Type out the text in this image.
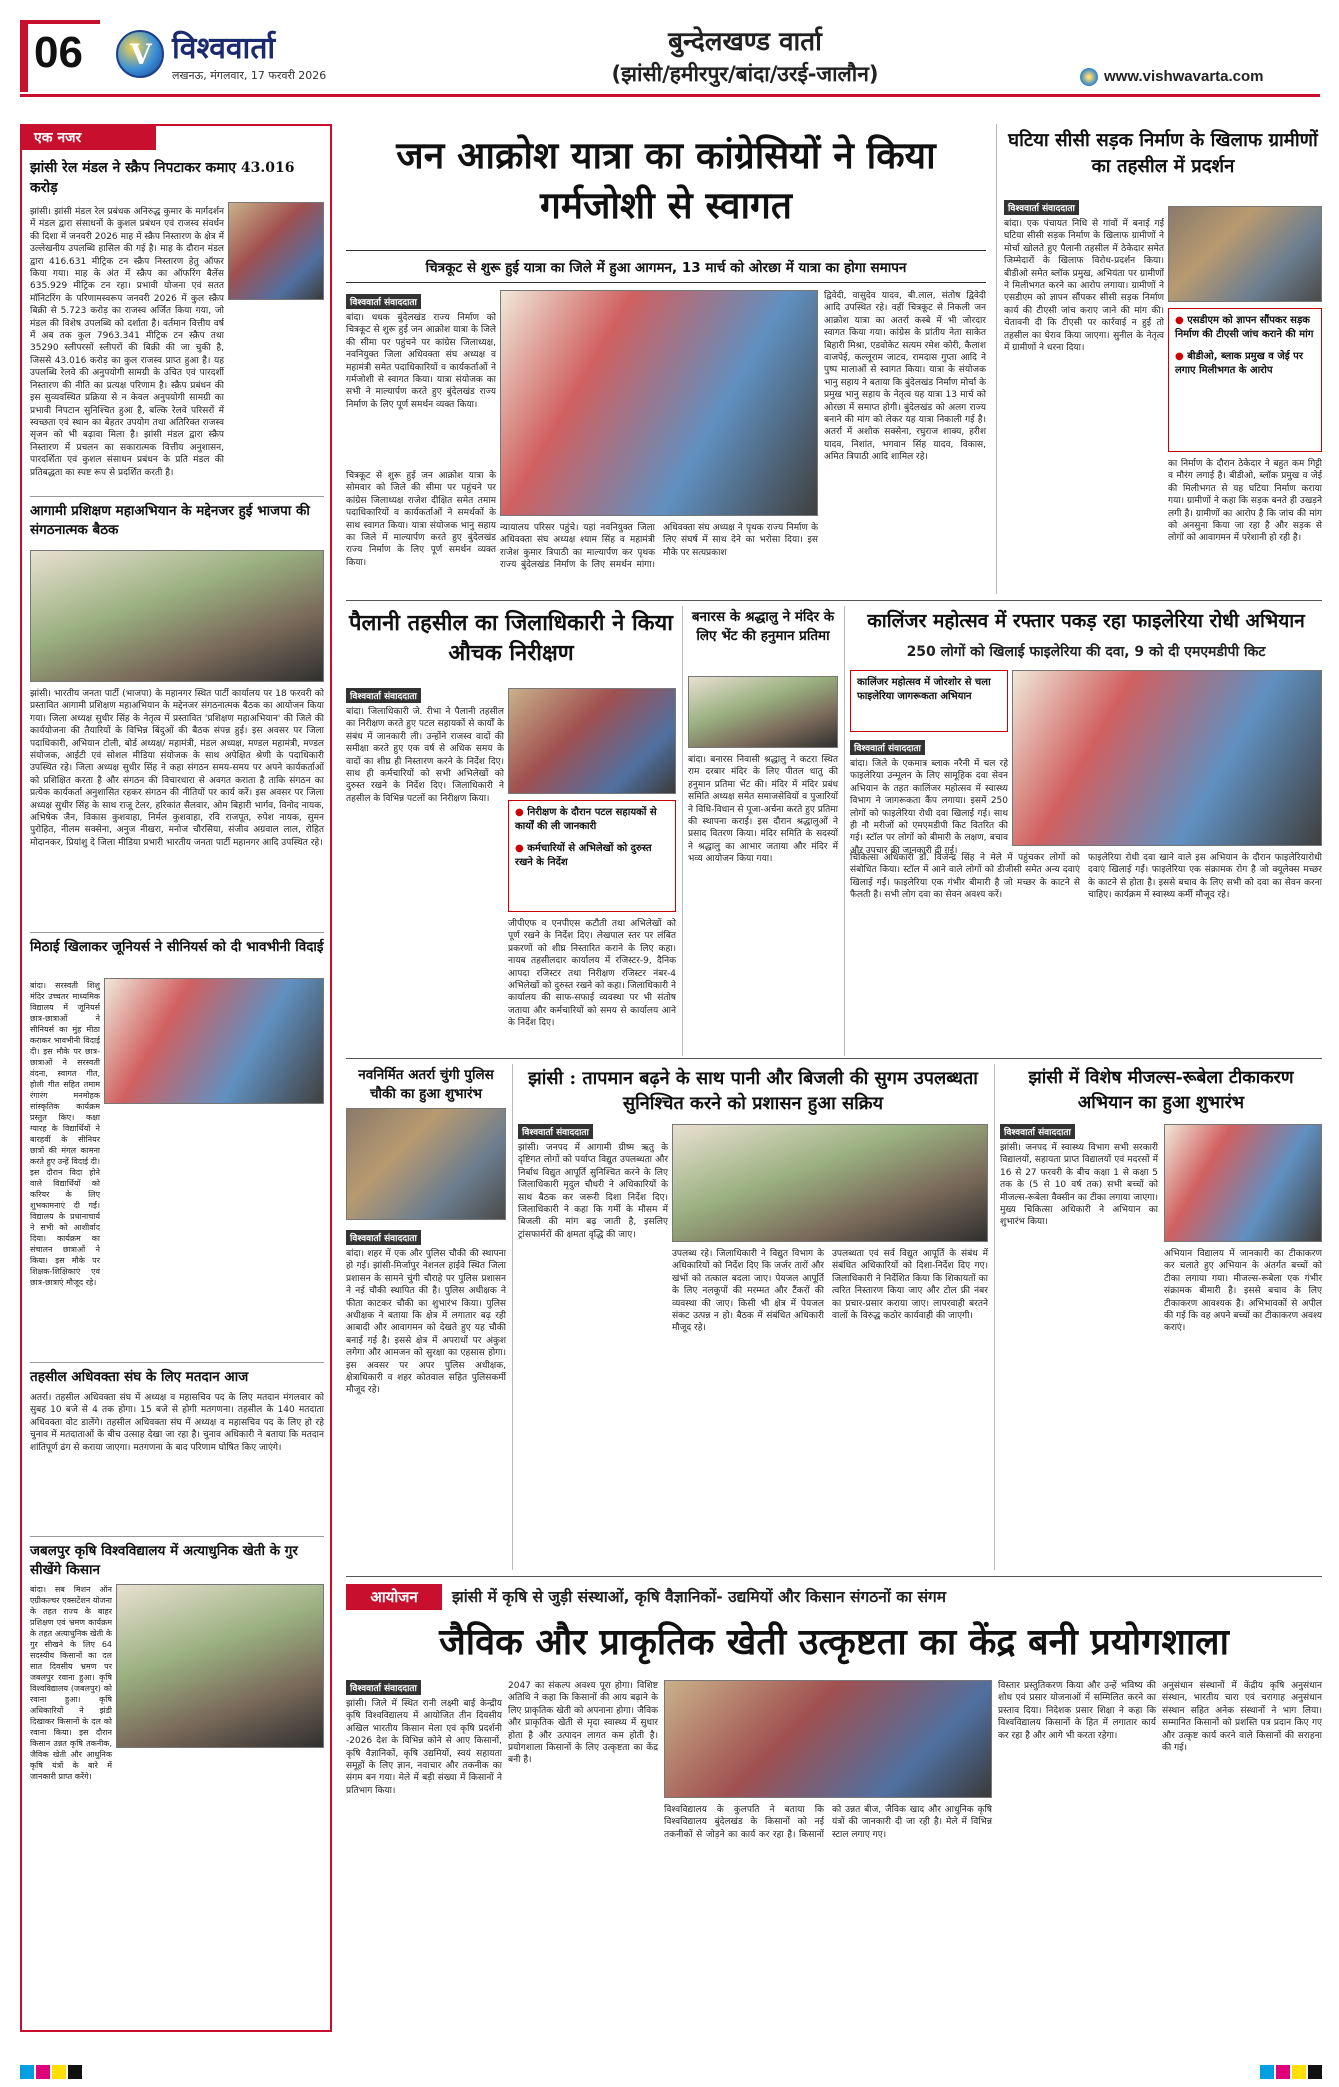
06 V विश्ववार्ता
लखनऊ, मंगलवार, 17 फरवरी 2026
बुन्देलखण्ड वार्ता
(झांसी/हमीरपुर/बांदा/उरई-जालौन)	www.vishwavarta.com
एक नजर
झांसी रेल मंडल ने स्क्रैप निपटाकर कमाए 43.016 करोड़
झांसी। झांसी मंडल रेल प्रबंधक अनिरुद्ध कुमार के मार्गदर्शन में मंडल द्वारा संसाधनों के कुशल प्रबंधन एवं राजस्व संवर्धन की दिशा में जनवरी 2026 माह में स्क्रैप निस्तारण के क्षेत्र में उल्लेखनीय उपलब्धि हासिल की गई है। माह के दौरान मंडल द्वारा 416.631 मीट्रिक टन स्क्रैप निस्तारण हेतु ऑफर किया गया। माह के अंत में स्क्रैप का ऑफरिंग बैलेंस 635.929 मीट्रिक टन रहा। प्रभावी योजना एवं सतत मॉनिटरिंग के परिणामस्वरूप जनवरी 2026 में कुल स्क्रैप बिक्री से 5.723 करोड़ का राजस्व अर्जित किया गया, जो मंडल की विशेष उपलब्धि को दर्शाता है। वर्तमान वित्तीय वर्ष में अब तक कुल 7963.341 मीट्रिक टन स्क्रैप तथा 35290 स्लीपरसों स्लीपरों की बिक्री की जा चुकी है, जिससे 43.016 करोड़ का कुल राजस्व प्राप्त हुआ है। यह उपलब्धि रेलवे की अनुपयोगी सामग्री के उचित एवं पारदर्शी निस्तारण की नीति का प्रत्यक्ष परिणाम है। स्क्रैप प्रबंधन की इस सुव्यवस्थित प्रक्रिया से न केवल अनुपयोगी सामग्री का प्रभावी निपटान सुनिश्चित हुआ है, बल्कि रेलवे परिसरों में स्वच्छता एवं स्थान का बेहतर उपयोग तथा अतिरिक्त राजस्व सृजन को भी बढ़ावा मिला है। झांसी मंडल द्वारा स्क्रैप निस्तारण में प्रचलन का सकारात्मक वित्तीय अनुशासन, पारदर्शिता एवं कुशल संसाधन प्रबंधन के प्रति मंडल की प्रतिबद्धता का स्पष्ट रूप से प्रदर्शित करती है।
आगामी प्रशिक्षण महाअभियान के मद्देनजर हुई भाजपा की संगठनात्मक बैठक
झांसी। भारतीय जनता पार्टी (भाजपा) के महानगर स्थित पार्टी कार्यालय पर 18 फरवरी को प्रस्तावित आगामी प्रशिक्षण महाअभियान के मद्देनजर संगठनात्मक बैठक का आयोजन किया गया। जिला अध्यक्ष सुधीर सिंह के नेतृत्व में प्रस्तावित 'प्रशिक्षण महाअभियान' की जिले की कार्ययोजना की तैयारियों के विभिन्न बिंदुओं की बैठक संपन्न हुई। इस अवसर पर जिला पदाधिकारी, अभियान टोली, बोर्ड अध्यक्ष/ महामंत्री, मंडल अध्यक्ष, मण्डल महामंत्री, मण्डल संयोजक, आईटी एवं सोशल मीडिया संयोजक के साथ अपेक्षित श्रेणी के पदाधिकारी उपस्थित रहे। जिला अध्यक्ष सुधीर सिंह ने कहा संगठन समय-समय पर अपने कार्यकर्ताओं को प्रशिक्षित करता है और संगठन की विचारधारा से अवगत कराता है ताकि संगठन का प्रत्येक कार्यकर्ता अनुशासित रहकर संगठन की नीतियों पर कार्य करें। इस अवसर पर जिला अध्यक्ष सुधीर सिंह के साथ राजू टेलर, हरिकांत सैलवार, ओम बिहारी भार्गव, विनोद नायक, अभिषेक जैन, विकास कुशवाहा, निर्मल कुशवाहा, रवि राजपूत, रुपेश नायक, सुमन पुरोहित, नीलम सक्सेना, अनुज नीखरा, मनोज चौरसिया, संजीव अग्रवाल लाल, रोहित मोदानकर, प्रियांशु दे जिला मीडिया प्रभारी भारतीय जनता पार्टी महानगर आदि उपस्थित रहे।
मिठाई खिलाकर जूनियर्स ने सीनियर्स को दी भावभीनी विदाई
बांदा। सरस्वती शिशु मंदिर उच्चतर माध्यमिक विद्यालय में जूनियर्स छात्र-छात्राओं ने सीनियर्स का मुंह मीठा कराकर भावभीनी विदाई दी। इस मौके पर छात्र-छात्राओं ने सरस्वती वंदना, स्वागत गीत, होली गीत सहित तमाम रंगारंग मनमोहक सांस्कृतिक कार्यक्रम प्रस्तुत किए। कक्षा ग्यारह के विद्यार्थियों ने बारहवीं के सीनियर छात्रों की मंगल कामना करते हुए उन्हें विदाई दी। इस दौरान विदा होने वाले विद्यार्थियों को करियर के लिए शुभकामनाएं दी गईं। विद्यालय के प्रधानाचार्य ने सभी को आशीर्वाद दिया। कार्यक्रम का संचालन छात्राओं ने किया। इस मौके पर शिक्षक-शिक्षिकाएं एवं छात्र-छात्राएं मौजूद रहे।
तहसील अधिवक्ता संघ के लिए मतदान आज
अतर्रा। तहसील अधिवक्ता संघ में अध्यक्ष व महासचिव पद के लिए मतदान मंगलवार को सुबह 10 बजे से 4 तक होगा। 15 बजे से होगी मतगणना। तहसील के 140 मतदाता अधिवक्ता वोट डालेंगे। तहसील अधिवक्ता संघ में अध्यक्ष व महासचिव पद के लिए हो रहे चुनाव में मतदाताओं के बीच उत्साह देखा जा रहा है। चुनाव अधिकारी ने बताया कि मतदान शांतिपूर्ण ढंग से कराया जाएगा। मतगणना के बाद परिणाम घोषित किए जाएंगे।
जबलपुर कृषि विश्वविद्यालय में अत्याधुनिक खेती के गुर सीखेंगे किसान
बांदा। सब मिशन ऑन एग्रीकल्चर एक्सटेंशन योजना के तहत राज्य के बाहर प्रशिक्षण एवं भ्रमण कार्यक्रम के तहत अत्याधुनिक खेती के गुर सीखने के लिए 64 सदस्यीय किसानों का दल सात दिवसीय भ्रमण पर जबलपुर रवाना हुआ। कृषि विश्वविद्यालय (जबलपुर) को रवाना हुआ। कृषि अधिकारियों ने झंडी दिखाकर किसानों के दल को रवाना किया। इस दौरान किसान उन्नत कृषि तकनीक, जैविक खेती और आधुनिक कृषि यंत्रों के बारे में जानकारी प्राप्त करेंगे।
जन आक्रोश यात्रा का कांग्रेसियों ने किया गर्मजोशी से स्वागत
चित्रकूट से शुरू हुई यात्रा का जिले में हुआ आगमन, 13 मार्च को ओरछा में यात्रा का होगा समापन
विश्ववार्ता संवाददाता
बांदा। धधक बुंदेलखंड राज्य निर्माण को चित्रकूट से शुरू हुई जन आक्रोश यात्रा के जिले की सीमा पर पहुंचने पर कांग्रेस जिलाध्यक्ष, नवनियुक्त जिला अधिवक्ता संघ अध्यक्ष व महामंत्री समेत पदाधिकारियों व कार्यकर्ताओं ने गर्मजोशी से स्वागत किया। यात्रा संयोजक का सभी ने माल्यार्पण करते हुए बुंदेलखंड राज्य निर्माण के लिए पूर्ण समर्थन व्यक्त किया।
चित्रकूट से शुरू हुई जन आक्रोश यात्रा के सोमवार को जिले की सीमा पर पहुंचने पर कांग्रेस जिलाध्यक्ष राजेश दीक्षित समेत तमाम पदाधिकारियों व कार्यकर्ताओं ने समर्थकों के साथ स्वागत किया। यात्रा संयोजक भानु सहाय का जिले में माल्यार्पण करते हुए बुंदेलखंड राज्य निर्माण के लिए पूर्ण समर्थन व्यक्त किया।
न्यायालय परिसर पहुंचे। यहां नवनियुक्त जिला अधिवक्ता संघ अध्यक्ष श्याम सिंह व महामंत्री राजेश कुमार त्रिपाठी का माल्यार्पण कर पृथक राज्य बुंदेलखंड निर्माण के लिए समर्थन मांगा। अधिवक्ता संघ अध्यक्ष ने पृथक राज्य निर्माण के लिए संघर्ष में साथ देने का भरोसा दिया। इस मौके पर सत्यप्रकाश
द्विवेदी, वासुदेव यादव, बी.लाल, संतोष द्विवेदी आदि उपस्थित रहे। वहीं चित्रकूट से निकली जन आक्रोश यात्रा का अतर्रा कस्बे में भी जोरदार स्वागत किया गया। कांग्रेस के प्रांतीय नेता साकेत बिहारी मिश्रा, एडवोकेट सत्यम रमेश कोरी, कैलाश वाजपेई, कल्लूराम जाटव, रामदास गुप्ता आदि ने पुष्प मालाओं से स्वागत किया। यात्रा के संयोजक भानु सहाय ने बताया कि बुंदेलखंड निर्माण मोर्चा के प्रमुख भानु सहाय के नेतृत्व यह यात्रा 13 मार्च को ओरछा में समाप्त होगी। बुंदेलखंड को अलग राज्य बनाने की मांग को लेकर यह यात्रा निकाली गई है। अतर्रा में अशोक सक्सेना, रघुराज शाक्य, हरीश यादव, निशांत, भगवान सिंह यादव, विकास, अमित त्रिपाठी आदि शामिल रहे।
घटिया सीसी सड़क निर्माण के खिलाफ ग्रामीणों का तहसील में प्रदर्शन
विश्ववार्ता संवाददाता
बांदा। एक पंचायत निधि से गांवों में बनाई गई घटिया सीसी सड़क निर्माण के खिलाफ ग्रामीणों ने मोर्चा खोलते हुए पैलानी तहसील में ठेकेदार समेत जिम्मेदारों के खिलाफ विरोध-प्रदर्शन किया। बीडीओ समेत ब्लॉक प्रमुख, अभियंता पर ग्रामीणों ने मिलीभगत करने का आरोप लगाया। ग्रामीणों ने एसडीएम को ज्ञापन सौंपकर सीसी सड़क निर्माण कार्य की टीएसी जांच कराए जाने की मांग की। चेतावनी दी कि टीएसी पर कार्रवाई न हुई तो तहसील का घेराव किया जाएगा। सुनील के नेतृत्व में ग्रामीणों ने धरना दिया।
● एसडीएम को ज्ञापन सौंपकर सड़क निर्माण की टीएसी जांच कराने की मांग
● बीडीओ, ब्लाक प्रमुख व जेई पर लगाए मिलीभगत के आरोप
का निर्माण के दौरान ठेकेदार ने बहुत कम गिट्टी व मौरंग लगाई है। बीडीओ, ब्लॉक प्रमुख व जेई की मिलीभगत से यह घटिया निर्माण कराया गया। ग्रामीणों ने कहा कि सड़क बनते ही उखड़ने लगी है। ग्रामीणों का आरोप है कि जांच की मांग को अनसुना किया जा रहा है और सड़क से लोगों को आवागमन में परेशानी हो रही है।
पैलानी तहसील का जिलाधिकारी ने किया औचक निरीक्षण
विश्ववार्ता संवाददाता
बांदा। जिलाधिकारी जे. रीभा ने पैलानी तहसील का निरीक्षण करते हुए पटल सहायकों से कार्यों के संबंध में जानकारी ली। उन्होंने राजस्व वादों की समीक्षा करते हुए एक वर्ष से अधिक समय के वादों का शीघ्र ही निस्तारण करने के निर्देश दिए। साथ ही कर्मचारियों को सभी अभिलेखों को दुरुस्त रखने के निर्देश दिए। जिलाधिकारी ने तहसील के विभिन्न पटलों का निरीक्षण किया।
● निरीक्षण के दौरान पटल सहायकों से कार्यों की ली जानकारी
● कर्मचारियों से अभिलेखों को दुरुस्त रखने के निर्देश
जीपीएफ व एनपीएस कटौती तथा अभिलेखों को पूर्ण रखने के निर्देश दिए। लेखपाल स्तर पर लंबित प्रकरणों को शीघ्र निस्तारित कराने के लिए कहा। नायब तहसीलदार कार्यालय में रजिस्टर-9, दैनिक आपदा रजिस्टर तथा निरीक्षण रजिस्टर नंबर-4 अभिलेखों को दुरुस्त रखने को कहा। जिलाधिकारी ने कार्यालय की साफ-सफाई व्यवस्था पर भी संतोष जताया और कर्मचारियों को समय से कार्यालय आने के निर्देश दिए।
बनारस के श्रद्धालु ने मंदिर के लिए भेंट की हनुमान प्रतिमा
बांदा। बनारस निवासी श्रद्धालु ने कटरा स्थित राम दरबार मंदिर के लिए पीतल धातु की हनुमान प्रतिमा भेंट की। मंदिर में मंदिर प्रबंध समिति अध्यक्ष समेत समाजसेवियों व पुजारियों ने विधि-विधान से पूजा-अर्चना करते हुए प्रतिमा की स्थापना कराई। इस दौरान श्रद्धालुओं ने प्रसाद वितरण किया। मंदिर समिति के सदस्यों ने श्रद्धालु का आभार जताया और मंदिर में भव्य आयोजन किया गया।
कालिंजर महोत्सव में रफ्तार पकड़ रहा फाइलेरिया रोधी अभियान
250 लोगों को खिलाई फाइलेरिया की दवा, 9 को दी एमएमडीपी किट
कालिंजर महोत्सव में जोरशोर से चला फाइलेरिया जागरूकता अभियान
विश्ववार्ता संवाददाता
बांदा। जिले के एकमात्र ब्लाक नरैनी में चल रहे फाइलेरिया उन्मूलन के लिए सामूहिक दवा सेवन अभियान के तहत कालिंजर महोत्सव में स्वास्थ्य विभाग ने जागरूकता कैंप लगाया। इसमें 250 लोगों को फाइलेरिया रोधी दवा खिलाई गई। साथ ही नौ मरीजों को एमएमडीपी किट वितरित की गई। स्टॉल पर लोगों को बीमारी के लक्षण, बचाव और उपचार की जानकारी दी गई।
चिकित्सा अधिकारी डॉ. विजेन्द्र सिंह ने मेले में पहुंचकर लोगों को संबोधित किया। स्टॉल में आने वाले लोगों को डीजीसी समेत अन्य दवाएं खिलाई गईं। फाइलेरिया एक गंभीर बीमारी है जो मच्छर के काटने से फैलती है। सभी लोग दवा का सेवन अवश्य करें।
फाइलेरिया रोधी दवा खाने वाले इस अभियान के दौरान फाइलेरियारोधी दवाएं खिलाई गईं। फाइलेरिया एक संक्रामक रोग है जो क्यूलेक्स मच्छर के काटने से होता है। इससे बचाव के लिए सभी को दवा का सेवन करना चाहिए। कार्यक्रम में स्वास्थ्य कर्मी मौजूद रहे।
नवनिर्मित अतर्रा चुंगी पुलिस चौकी का हुआ शुभारंभ
विश्ववार्ता संवाददाता
बांदा। शहर में एक और पुलिस चौकी की स्थापना हो गई। झांसी-मिर्जापुर नेशनल हाईवे स्थित जिला प्रशासन के सामने चुंगी चौराहे पर पुलिस प्रशासन ने नई चौकी स्थापित की है। पुलिस अधीक्षक ने फीता काटकर चौकी का शुभारंभ किया। पुलिस अधीक्षक ने बताया कि क्षेत्र में लगातार बढ़ रही आबादी और आवागमन को देखते हुए यह चौकी बनाई गई है। इससे क्षेत्र में अपराधों पर अंकुश लगेगा और आमजन को सुरक्षा का एहसास होगा। इस अवसर पर अपर पुलिस अधीक्षक, क्षेत्राधिकारी व शहर कोतवाल सहित पुलिसकर्मी मौजूद रहे।
झांसी : तापमान बढ़ने के साथ पानी और बिजली की सुगम उपलब्धता सुनिश्चित करने को प्रशासन हुआ सक्रिय
विश्ववार्ता संवाददाता
झांसी। जनपद में आगामी ग्रीष्म ऋतु के दृष्टिगत लोगों को पर्याप्त विद्युत उपलब्धता और निर्बाध विद्युत आपूर्ति सुनिश्चित करने के लिए जिलाधिकारी मृदुल चौधरी ने अधिकारियों के साथ बैठक कर जरूरी दिशा निर्देश दिए। जिलाधिकारी ने कहा कि गर्मी के मौसम में बिजली की मांग बढ़ जाती है, इसलिए ट्रांसफार्मरों की क्षमता वृद्धि की जाए।
उपलब्ध रहे। जिलाधिकारी ने विद्युत विभाग के अधिकारियों को निर्देश दिए कि जर्जर तारों और खंभों को तत्काल बदला जाए। पेयजल आपूर्ति के लिए नलकूपों की मरम्मत और टैंकरों की व्यवस्था की जाए। किसी भी क्षेत्र में पेयजल संकट उत्पन्न न हो। बैठक में संबंधित अधिकारी मौजूद रहे।
उपलब्धता एवं सर्व विद्युत आपूर्ति के संबंध में संबंधित अधिकारियों को दिशा-निर्देश दिए गए। जिलाधिकारी ने निर्देशित किया कि शिकायतों का त्वरित निस्तारण किया जाए और टोल फ्री नंबर का प्रचार-प्रसार कराया जाए। लापरवाही बरतने वालों के विरुद्ध कठोर कार्यवाही की जाएगी।
झांसी में विशेष मीजल्स-रूबेला टीकाकरण अभियान का हुआ शुभारंभ
विश्ववार्ता संवाददाता
झांसी। जनपद में स्वास्थ्य विभाग सभी सरकारी विद्यालयों, सहायता प्राप्त विद्यालयों एवं मदरसों में 16 से 27 फरवरी के बीच कक्षा 1 से कक्षा 5 तक के (5 से 10 वर्ष तक) सभी बच्चों को मीजल्स-रूबेला वैक्सीन का टीका लगाया जाएगा। मुख्य चिकित्सा अधिकारी ने अभियान का शुभारंभ किया।
अभियान विद्यालय में जानकारी का टीकाकरण कर चलाते हुए अभियान के अंतर्गत बच्चों को टीका लगाया गया। मीजल्स-रूबेला एक गंभीर संक्रामक बीमारी है। इससे बचाव के लिए टीकाकरण आवश्यक है। अभिभावकों से अपील की गई कि वह अपने बच्चों का टीकाकरण अवश्य कराएं।
आयोजन	झांसी में कृषि से जुड़ी संस्थाओं, कृषि वैज्ञानिकों- उद्यमियों और किसान संगठनों का संगम
जैविक और प्राकृतिक खेती उत्कृष्टता का केंद्र बनी प्रयोगशाला
विश्ववार्ता संवाददाता
झांसी। जिले में स्थित रानी लक्ष्मी बाई केन्द्रीय कृषि विश्वविद्यालय में आयोजित तीन दिवसीय अखिल भारतीय किसान मेला एवं कृषि प्रदर्शनी -2026 देश के विभिन्न कोने से आए किसानों, कृषि वैज्ञानिकों, कृषि उद्यमियों, स्वयं सहायता समूहों के लिए ज्ञान, नवाचार और तकनीक का संगम बन गया। मेले में बड़ी संख्या में किसानों ने प्रतिभाग किया।
2047 का संकल्प अवश्य पूरा होगा। विशिष्ट अतिथि ने कहा कि किसानों की आय बढ़ाने के लिए प्राकृतिक खेती को अपनाना होगा। जैविक और प्राकृतिक खेती से मृदा स्वास्थ्य में सुधार होता है और उत्पादन लागत कम होती है। प्रयोगशाला किसानों के लिए उत्कृष्टता का केंद्र बनी है।
विश्वविद्यालय के कुलपति ने बताया कि विश्वविद्यालय बुंदेलखंड के किसानों को नई तकनीकों से जोड़ने का कार्य कर रहा है। किसानों को उन्नत बीज, जैविक खाद और आधुनिक कृषि यंत्रों की जानकारी दी जा रही है। मेले में विभिन्न स्टाल लगाए गए।
विस्तार प्रस्तुतिकरण किया और उन्हें भविष्य की शोध एवं प्रसार योजनाओं में सम्मिलित करने का प्रस्ताव दिया। निदेशक प्रसार शिक्षा ने कहा कि विश्वविद्यालय किसानों के हित में लगातार कार्य कर रहा है और आगे भी करता रहेगा।
अनुसंधान संस्थानों में केंद्रीय कृषि अनुसंधान संस्थान, भारतीय चारा एवं चरागाह अनुसंधान संस्थान सहित अनेक संस्थानों ने भाग लिया। सम्मानित किसानों को प्रशस्ति पत्र प्रदान किए गए और उत्कृष्ट कार्य करने वाले किसानों की सराहना की गई।
